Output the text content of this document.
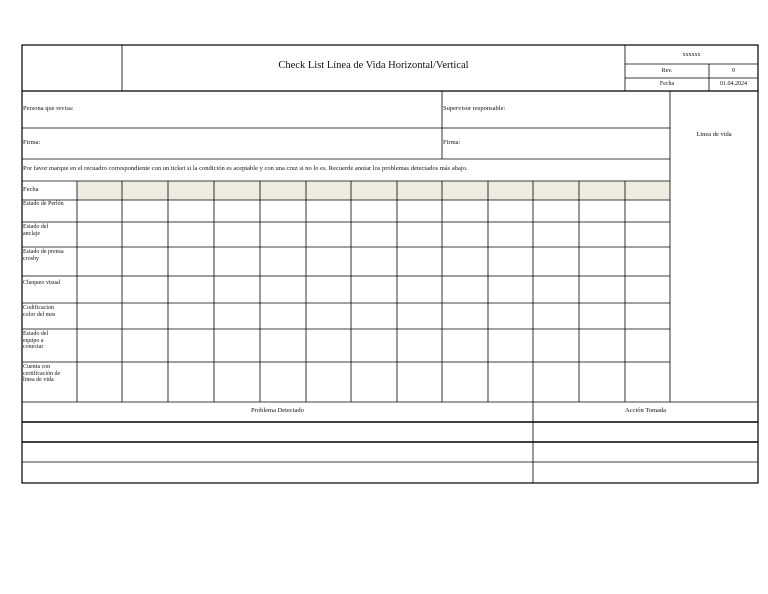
Check List Línea de Vida Horizontal/Vertical
xxxxxx
Rev.	0
Fecha	01.04.2024
Persona que revisa:	Supervisor responsable:
Firma:	Firma:
Linea de vida
Por favor marque en el recuadro correspondiente con un ticket si la condición es aceptable y con una cruz si no lo es. Recuerde anotar los problemas detectados más abajo.
Fecha
Estado de Perlón
Estado del
anclaje
Estado de prensa
crosby
Chequeo visual
Codificacion
color del mes
Estado del
equipo a
conectar
Cuenta con
certificación de
linea de vida
Problema Detectado	Acción Tomada
